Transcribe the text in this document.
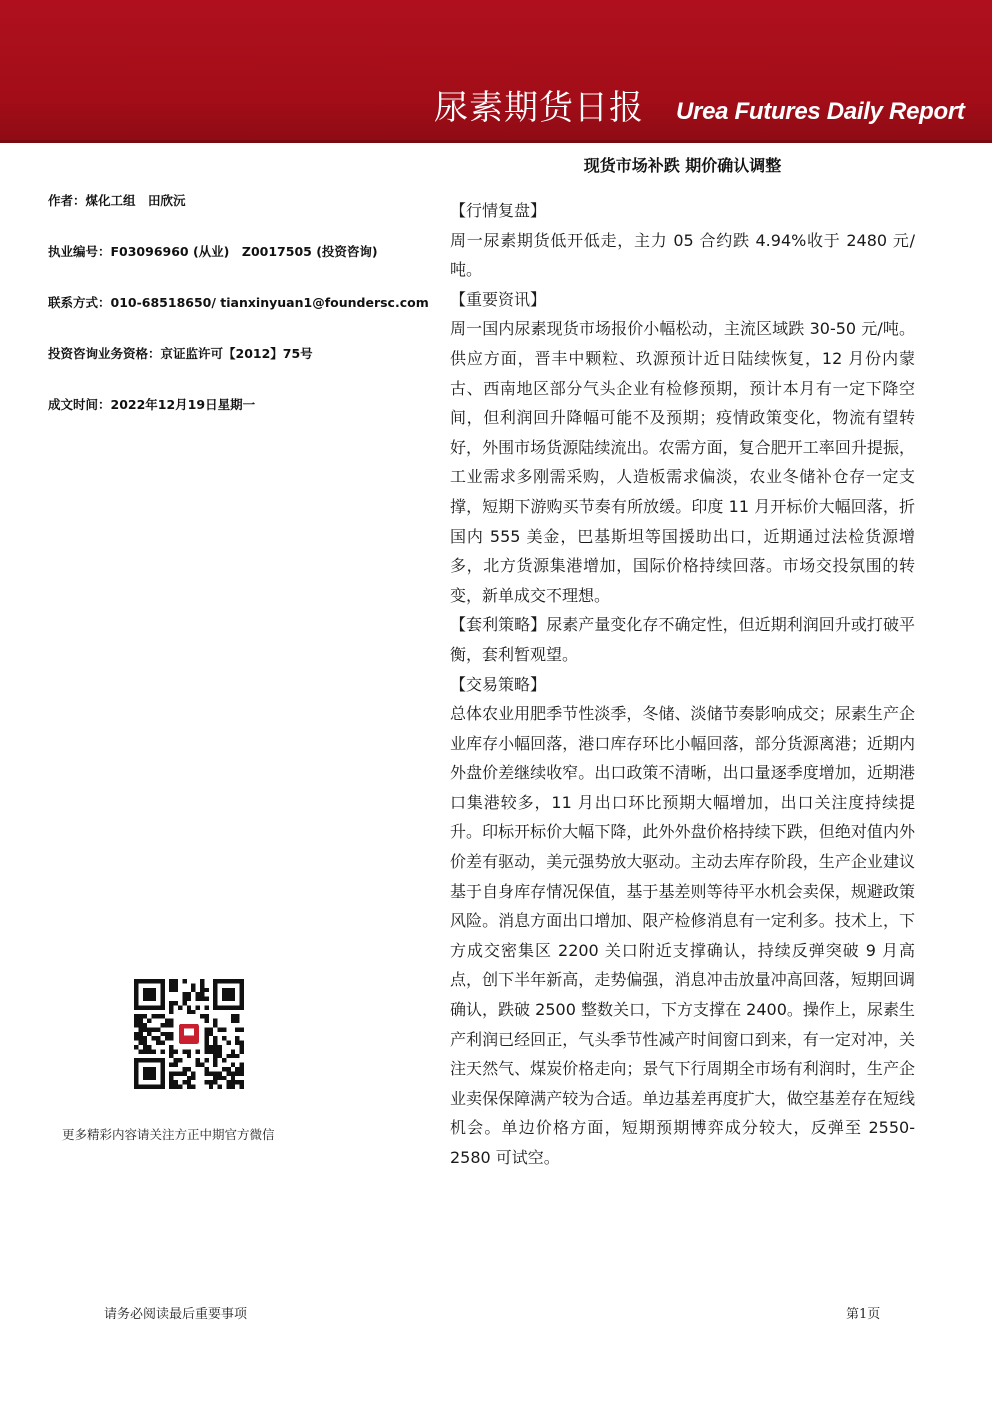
尿素期货日报 Urea Futures Daily Report
现货市场补跌 期价确认调整
作者：煤化工组　田欣沅
执业编号：F03096960 (从业)　Z0017505 (投资咨询)
联系方式：010-68518650/ tianxinyuan1@foundersc.com
投资咨询业务资格：京证监许可【2012】75号
成文时间：2022年12月19日星期一

【行情复盘】

周一尿素期货低开低走，主力 05 合约跌 4.94%收于 2480 元/吨。

【重要资讯】

周一国内尿素现货市场报价小幅松动，主流区域跌 30-50 元/吨。供应方面，晋丰中颗粒、玖源预计近日陆续恢复，12 月份内蒙古、西南地区部分气头企业有检修预期，预计本月有一定下降空间，但利润回升降幅可能不及预期；疫情政策变化，物流有望转好，外围市场货源陆续流出。农需方面，复合肥开工率回升提振，工业需求多刚需采购，人造板需求偏淡，农业冬储补仓存一定支撑，短期下游购买节奏有所放缓。印度 11 月开标价大幅回落，折国内 555 美金，巴基斯坦等国援助出口，近期通过法检货源增多，北方货源集港增加，国际价格持续回落。市场交投氛围的转变，新单成交不理想。

【套利策略】尿素产量变化存不确定性，但近期利润回升或打破平衡，套利暂观望。

【交易策略】

总体农业用肥季节性淡季，冬储、淡储节奏影响成交；尿素生产企业库存小幅回落，港口库存环比小幅回落，部分货源离港；近期内外盘价差继续收窄。出口政策不清晰，出口量逐季度增加，近期港口集港较多，11 月出口环比预期大幅增加，出口关注度持续提升。印标开标价大幅下降，此外外盘价格持续下跌，但绝对值内外价差有驱动，美元强势放大驱动。主动去库存阶段，生产企业建议基于自身库存情况保值，基于基差则等待平水机会卖保，规避政策风险。消息方面出口增加、限产检修消息有一定利多。技术上，下方成交密集区 2200 关口附近支撑确认，持续反弹突破 9 月高点，创下半年新高，走势偏强，消息冲击放量冲高回落，短期回调确认，跌破 2500 整数关口，下方支撑在 2400。操作上，尿素生产利润已经回正，气头季节性减产时间窗口到来，有一定对冲，关注天然气、煤炭价格走向；景气下行周期全市场有利润时，生产企业卖保保障满产较为合适。单边基差再度扩大，做空基差存在短线机会。单边价格方面，短期预期博弈成分较大，反弹至 2550-2580 可试空。

更多精彩内容请关注方正中期官方微信
请务必阅读最后重要事项	第1页
